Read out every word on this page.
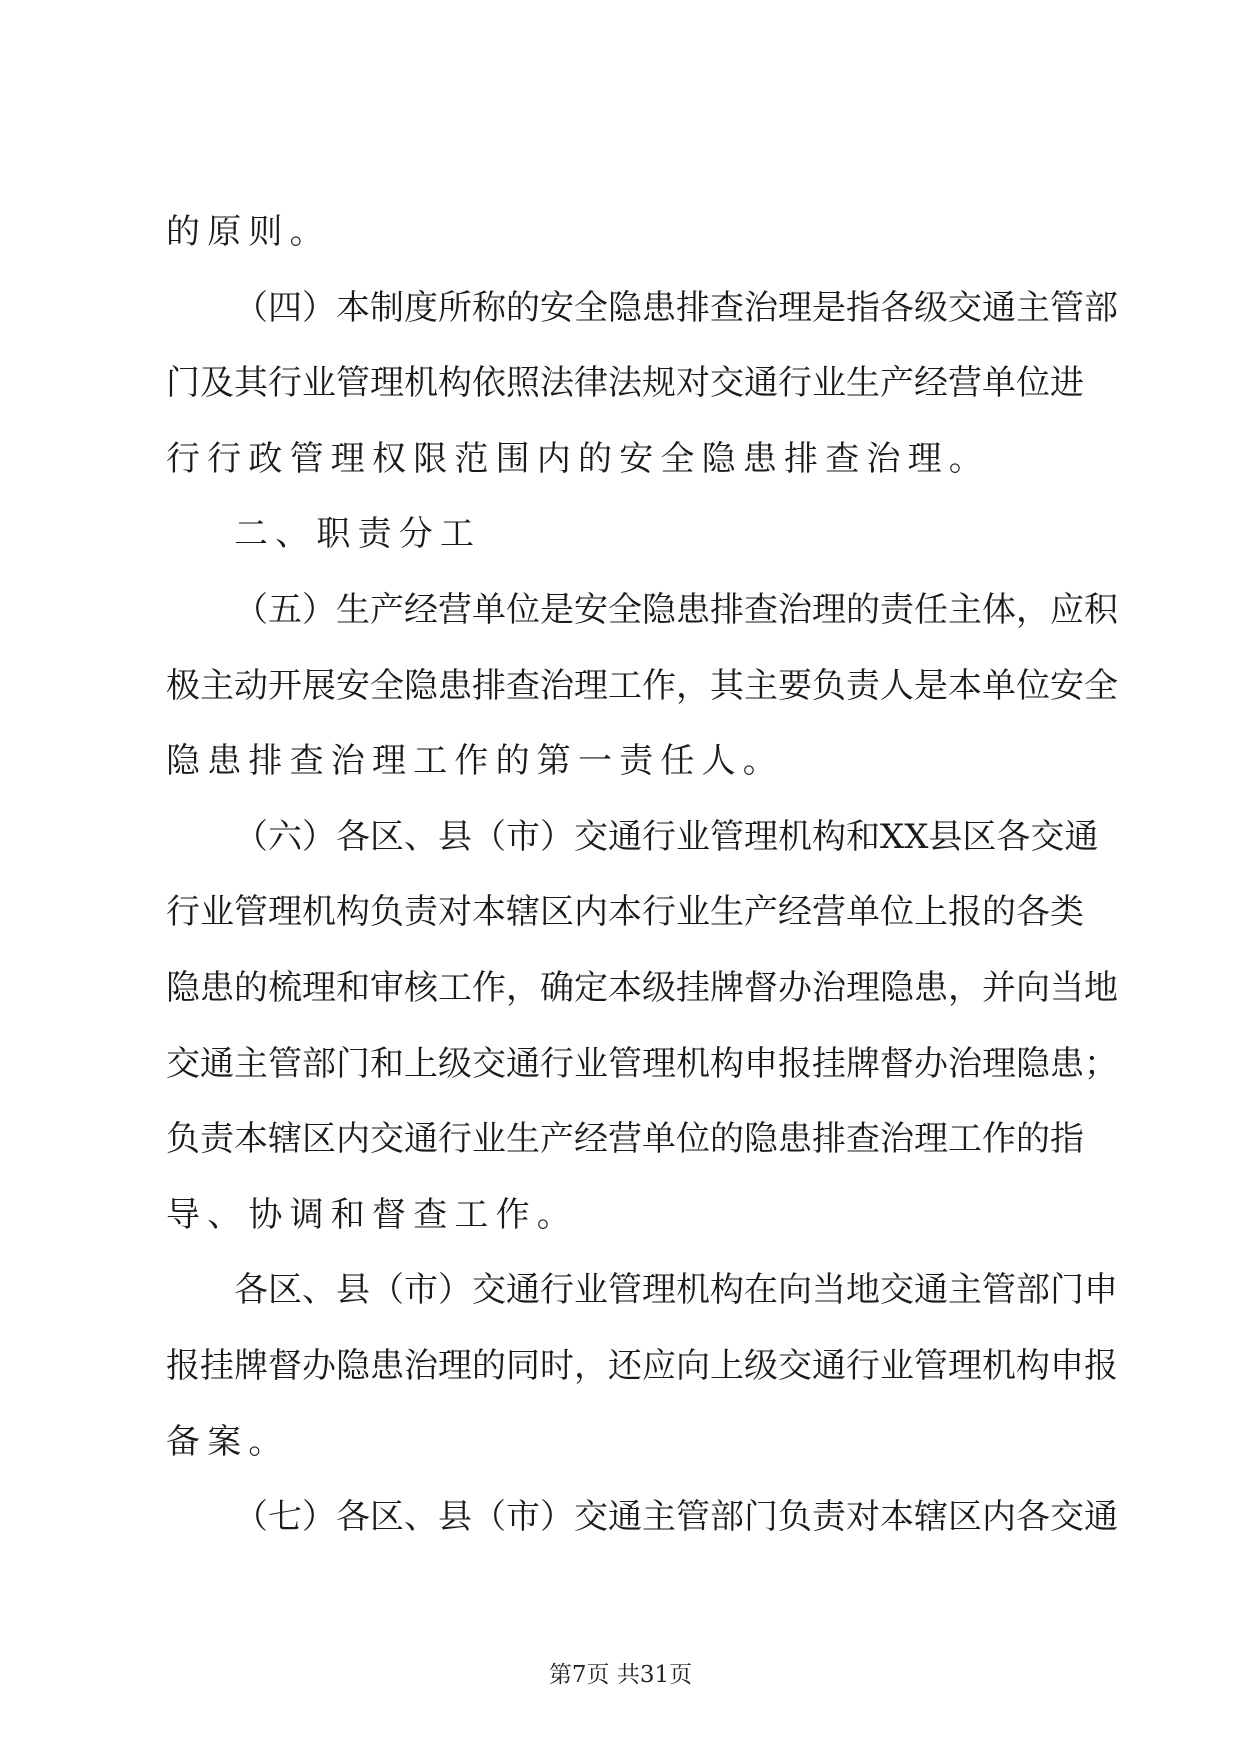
的原则。
（四）本制度所称的安全隐患排查治理是指各级交通主管部
门及其行业管理机构依照法律法规对交通行业生产经营单位进
行行政管理权限范围内的安全隐患排查治理。
二、职责分工
（五）生产经营单位是安全隐患排查治理的责任主体，应积
极主动开展安全隐患排查治理工作，其主要负责人是本单位安全
隐患排查治理工作的第一责任人。
（六）各区、县（市）交通行业管理机构和XX县区各交通
行业管理机构负责对本辖区内本行业生产经营单位上报的各类
隐患的梳理和审核工作，确定本级挂牌督办治理隐患，并向当地
交通主管部门和上级交通行业管理机构申报挂牌督办治理隐患；
负责本辖区内交通行业生产经营单位的隐患排查治理工作的指
导、协调和督查工作。
各区、县（市）交通行业管理机构在向当地交通主管部门申
报挂牌督办隐患治理的同时，还应向上级交通行业管理机构申报
备案。
（七）各区、县（市）交通主管部门负责对本辖区内各交通
第7页 共31页
